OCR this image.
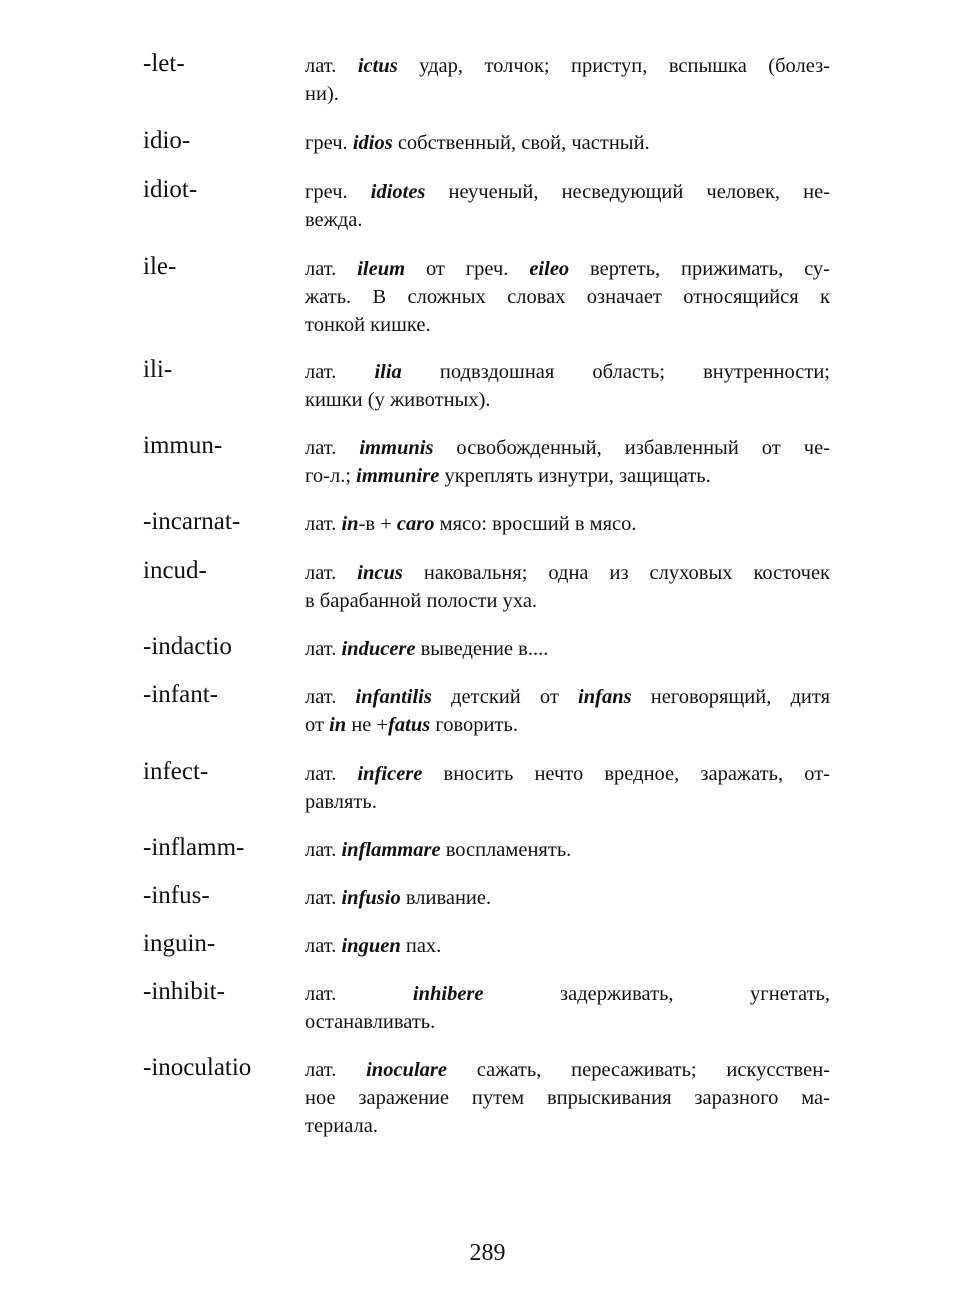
-let-	лат. ictus удар, толчок; приступ, вспышка (болез-
ни).
idio-	греч. idios собственный, свой, частный.
idiot-	греч. idiotes неученый, несведующий человек, не-
вежда.
ile-	лат. ileum от греч. eileo вертеть, прижимать, су-
жать. В сложных словах означает относящийся к
тонкой кишке.
ili-	лат. ilia подвздошная область; внутренности;
кишки (у животных).
immun-	лат. immunis освобожденный, избавленный от че-
го-л.; immunire укреплять изнутри, защищать.
-incarnat-	лат. in-в + caro мясо: вросший в мясо.
incud-	лат. incus наковальня; одна из слуховых косточек
в барабанной полости уха.
-indactio	лат. inducere выведение в....
-infant-	лат. infantilis детский от infans неговорящий, дитя
от in не +fatus говорить.
infect-	лат. inficere вносить нечто вредное, заражать, от-
равлять.
-inflamm-	лат. inflammare воспламенять.
-infus-	лат. infusio вливание.
inguin-	лат. inguen пах.
-inhibit-	лат. inhibere задерживать, угнетать,
останавливать.
-inoculatio	лат. inoculare сажать, пересаживать; искусствен-
ное заражение путем впрыскивания заразного ма-
териала.
289
